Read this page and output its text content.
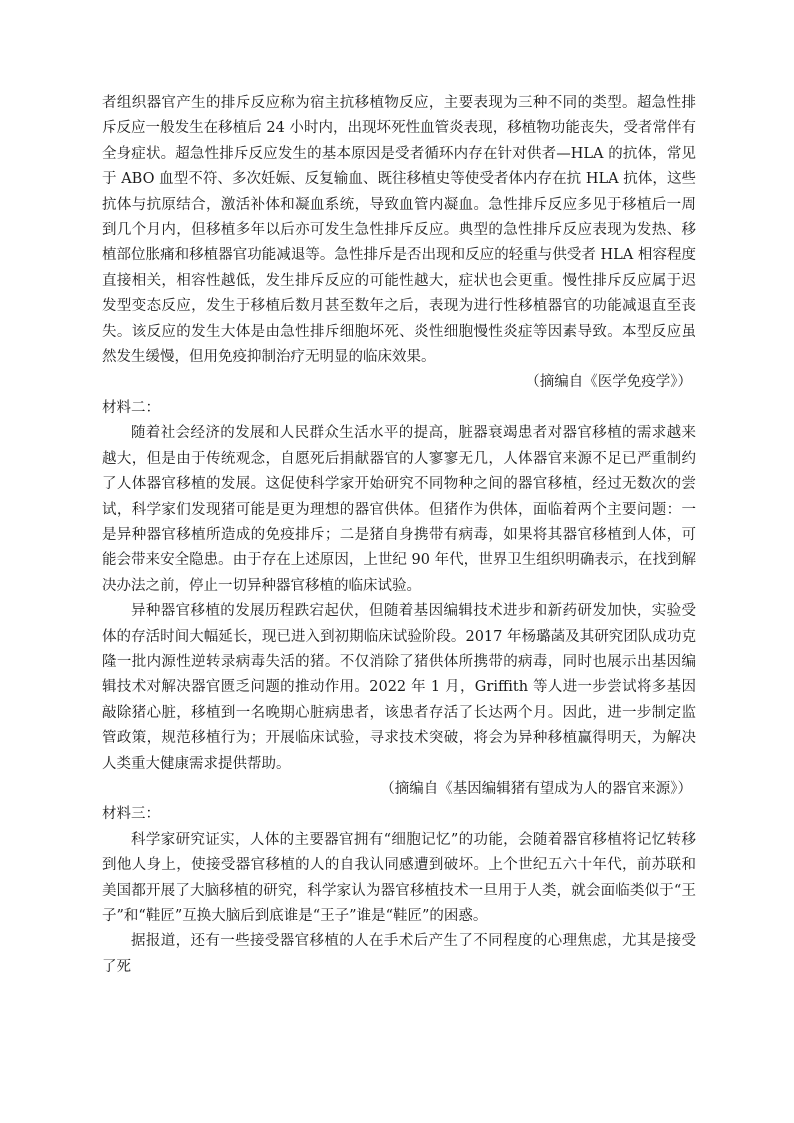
者组织器官产生的排斥反应称为宿主抗移植物反应，主要表现为三种不同的类型。超急性排斥反应一般发生在移植后 24 小时内，出现坏死性血管炎表现，移植物功能丧失，受者常伴有全身症状。超急性排斥反应发生的基本原因是受者循环内存在针对供者—HLA 的抗体，常见于 ABO 血型不符、多次妊娠、反复输血、既往移植史等使受者体内存在抗 HLA 抗体，这些抗体与抗原结合，激活补体和凝血系统，导致血管内凝血。急性排斥反应多见于移植后一周到几个月内，但移植多年以后亦可发生急性排斥反应。典型的急性排斥反应表现为发热、移植部位胀痛和移植器官功能减退等。急性排斥是否出现和反应的轻重与供受者 HLA 相容程度直接相关，相容性越低，发生排斥反应的可能性越大，症状也会更重。慢性排斥反应属于迟发型变态反应，发生于移植后数月甚至数年之后，表现为进行性移植器官的功能减退直至丧失。该反应的发生大体是由急性排斥细胞坏死、炎性细胞慢性炎症等因素导致。本型反应虽然发生缓慢，但用免疫抑制治疗无明显的临床效果。

（摘编自《医学免疫学》）

材料二：

随着社会经济的发展和人民群众生活水平的提高，脏器衰竭患者对器官移植的需求越来越大，但是由于传统观念，自愿死后捐献器官的人寥寥无几，人体器官来源不足已严重制约了人体器官移植的发展。这促使科学家开始研究不同物种之间的器官移植，经过无数次的尝试，科学家们发现猪可能是更为理想的器官供体。但猪作为供体，面临着两个主要问题：一是异种器官移植所造成的免疫排斥；二是猪自身携带有病毒，如果将其器官移植到人体，可能会带来安全隐患。由于存在上述原因，上世纪 90 年代，世界卫生组织明确表示，在找到解决办法之前，停止一切异种器官移植的临床试验。

异种器官移植的发展历程跌宕起伏，但随着基因编辑技术进步和新药研发加快，实验受体的存活时间大幅延长，现已进入到初期临床试验阶段。2017 年杨璐菡及其研究团队成功克隆一批内源性逆转录病毒失活的猪。不仅消除了猪供体所携带的病毒，同时也展示出基因编辑技术对解决器官匮乏问题的推动作用。2022 年 1 月，Griffith 等人进一步尝试将多基因敲除猪心脏，移植到一名晚期心脏病患者，该患者存活了长达两个月。因此，进一步制定监管政策，规范移植行为；开展临床试验，寻求技术突破，将会为异种移植赢得明天，为解决人类重大健康需求提供帮助。

（摘编自《基因编辑猪有望成为人的器官来源》）

材料三：

科学家研究证实，人体的主要器官拥有“细胞记忆”的功能，会随着器官移植将记忆转移到他人身上，使接受器官移植的人的自我认同感遭到破坏。上个世纪五六十年代，前苏联和美国都开展了大脑移植的研究，科学家认为器官移植技术一旦用于人类，就会面临类似于“王子”和“鞋匠”互换大脑后到底谁是“王子”谁是“鞋匠”的困惑。

据报道，还有一些接受器官移植的人在手术后产生了不同程度的心理焦虑，尤其是接受了死
